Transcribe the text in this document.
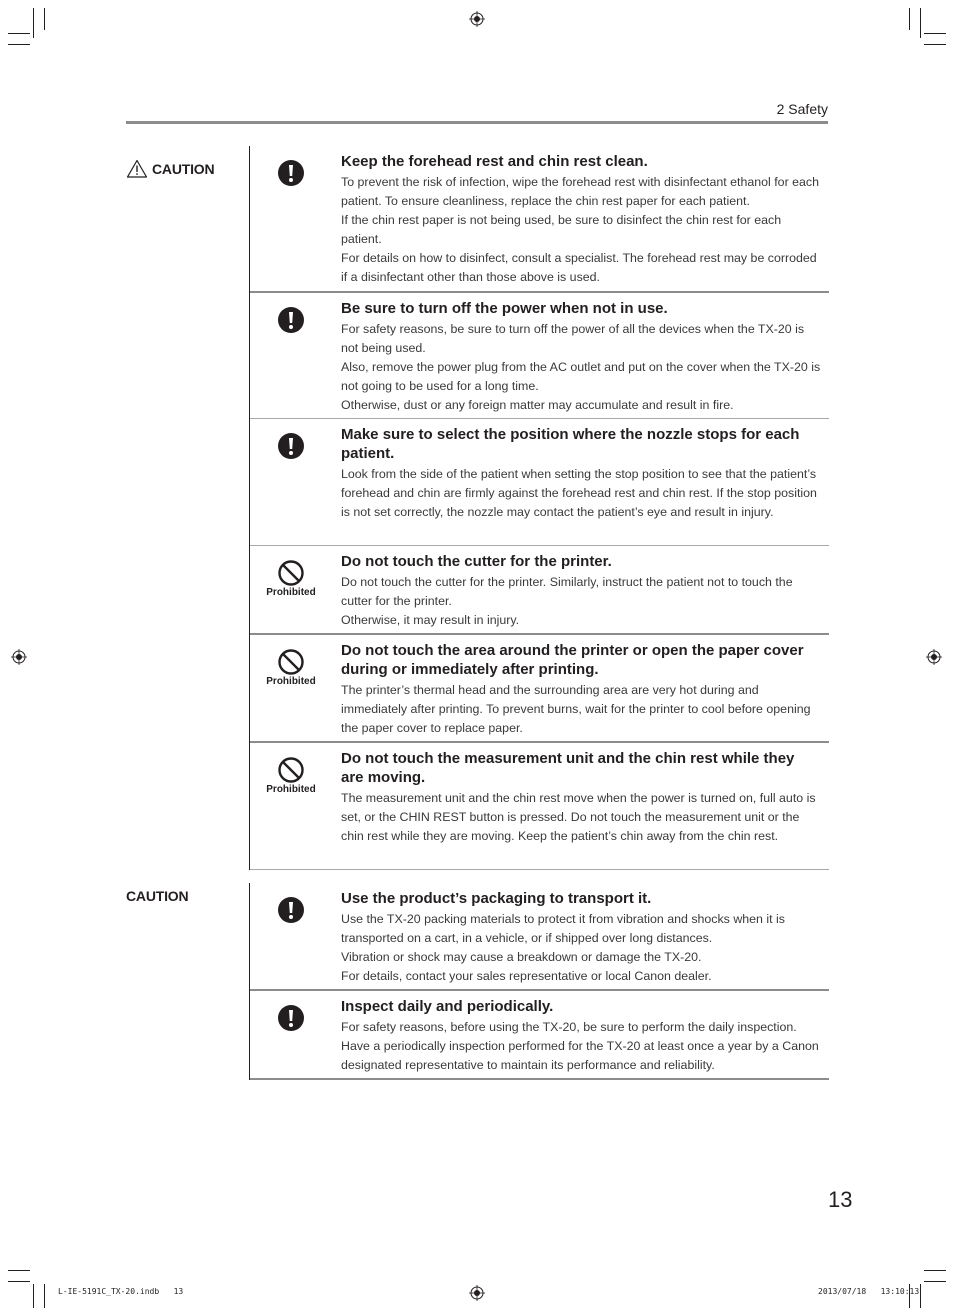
2 Safety
CAUTION	Keep the forehead rest and chin rest clean.

To prevent the risk of infection, wipe the forehead rest with disinfectant ethanol for each patient. To ensure cleanliness, replace the chin rest paper for each patient.

If the chin rest paper is not being used, be sure to disinfect the chin rest for each patient.

For details on how to disinfect, consult a specialist. The forehead rest may be corroded if a disinfectant other than those above is used.

Be sure to turn off the power when not in use.

For safety reasons, be sure to turn off the power of all the devices when the TX-20 is not being used.

Also, remove the power plug from the AC outlet and put on the cover when the TX-20 is not going to be used for a long time.

Otherwise, dust or any foreign matter may accumulate and result in fire.

Make sure to select the position where the nozzle stops for each patient.

Look from the side of the patient when setting the stop position to see that the patient’s forehead and chin are firmly against the forehead rest and chin rest. If the stop position is not set correctly, the nozzle may contact the patient’s eye and result in injury.

Prohibited
Do not touch the cutter for the printer.

Do not touch the cutter for the printer. Similarly, instruct the patient not to touch the cutter for the printer.

Otherwise, it may result in injury.

Prohibited
Do not touch the area around the printer or open the paper cover during or immediately after printing.

The printer’s thermal head and the surrounding area are very hot during and immediately after printing. To prevent burns, wait for the printer to cool before opening the paper cover to replace paper.

Prohibited
Do not touch the measurement unit and the chin rest while they are moving.

The measurement unit and the chin rest move when the power is turned on, full auto is set, or the CHIN REST button is pressed. Do not touch the measurement unit or the chin rest while they are moving. Keep the patient’s chin away from the chin rest.

CAUTION	Use the product’s packaging to transport it.

Use the TX-20 packing materials to protect it from vibration and shocks when it is transported on a cart, in a vehicle, or if shipped over long distances.

Vibration or shock may cause a breakdown or damage the TX-20.

For details, contact your sales representative or local Canon dealer.

Inspect daily and periodically.

For safety reasons, before using the TX-20, be sure to perform the daily inspection. Have a periodically inspection performed for the TX-20 at least once a year by a Canon designated representative to maintain its performance and reliability.

13
L-IE-5191C_TX-20.indb   13	2013/07/18   13:10:13
